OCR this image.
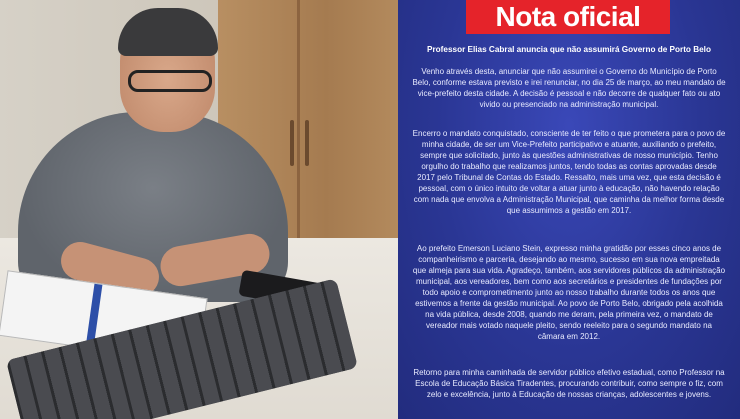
Nota oficial
Professor Elias Cabral anuncia que não assumirá Governo de Porto Belo
Venho através desta, anunciar que não assumirei o Governo do Município de Porto Belo, conforme estava previsto e irei renunciar, no dia 25 de março, ao meu mandato de vice-prefeito desta cidade. A decisão é pessoal e não decorre de qualquer fato ou ato vivido ou presenciado na administração municipal.
Encerro o mandato conquistado, consciente de ter feito o que prometera para o povo de minha cidade, de ser um Vice-Prefeito participativo e atuante, auxiliando o prefeito, sempre que solicitado, junto às questões administrativas de nosso município. Tenho orgulho do trabalho que realizamos juntos, tendo todas as contas aprovadas desde 2017 pelo Tribunal de Contas do Estado. Ressalto, mais uma vez, que esta decisão é pessoal, com o único intuito de voltar a atuar junto à educação, não havendo relação com nada que envolva a Administração Municipal, que caminha da melhor forma desde que assumimos a gestão em 2017.
Ao prefeito Emerson Luciano Stein, expresso minha gratidão por esses cinco anos de companheirismo e parceria, desejando ao mesmo, sucesso em sua nova empreitada que almeja para sua vida. Agradeço, também, aos servidores públicos da administração municipal, aos vereadores, bem como aos secretários e presidentes de fundações por todo apoio e comprometimento junto ao nosso trabalho durante todos os anos que estivemos a frente da gestão municipal. Ao povo de Porto Belo, obrigado pela acolhida na vida pública, desde 2008, quando me deram, pela primeira vez, o mandato de vereador mais votado naquele pleito, sendo reeleito para o segundo mandato na câmara em 2012.
Retorno para minha caminhada de servidor público efetivo estadual, como Professor na Escola de Educação Básica Tiradentes, procurando contribuir, como sempre o fiz, com zelo e excelência, junto à Educação de nossas crianças, adolescentes e jovens.
